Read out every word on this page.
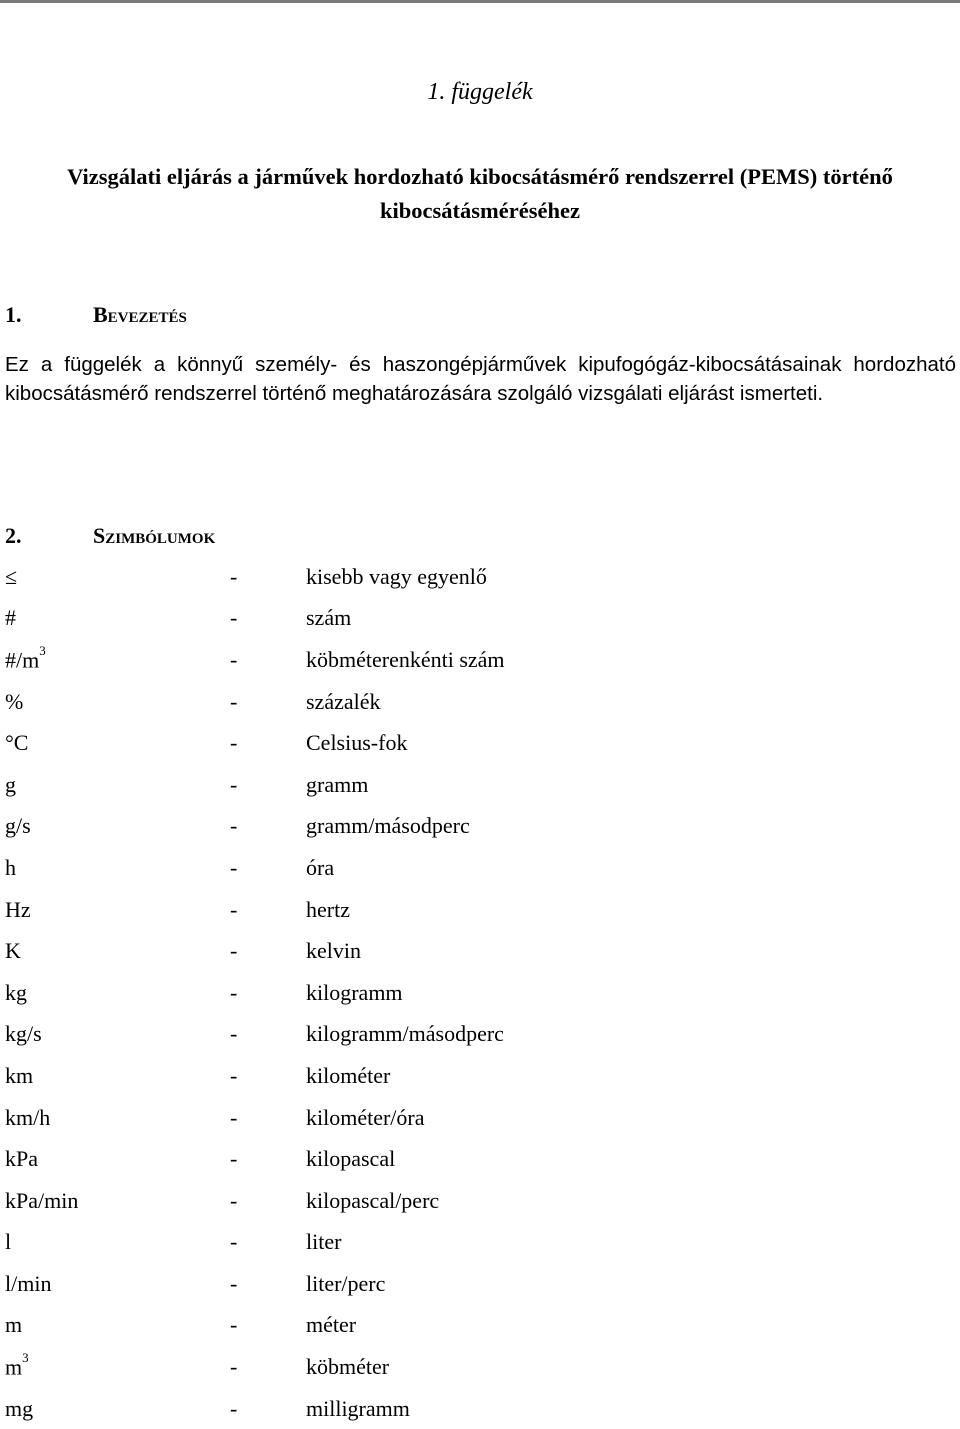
1. függelék
Vizsgálati eljárás a járművek hordozható kibocsátásmérő rendszerrel (PEMS) történő kibocsátásméréséhez
1.	Bevezetés
Ez a függelék a könnyű személy- és haszongépjárművek kipufogógáz-kibocsátásainak hordozható kibocsátásmérő rendszerrel történő meghatározására szolgáló vizsgálati eljárást ismerteti.
2.	Szimbólumok
≤	-	kisebb vagy egyenlő
#	-	szám
$\#/m^3$	-	köbméterenkénti szám
%	-	százalék
°C	-	Celsius-fok
g	-	gramm
g/s	-	gramm/másodperc
h	-	óra
Hz	-	hertz
K	-	kelvin
kg	-	kilogramm
kg/s	-	kilogramm/másodperc
km	-	kilométer
km/h	-	kilométer/óra
kPa	-	kilopascal
kPa/min	-	kilopascal/perc
l	-	liter
l/min	-	liter/perc
m	-	méter
$m^3$	-	köbméter
mg	-	milligramm
